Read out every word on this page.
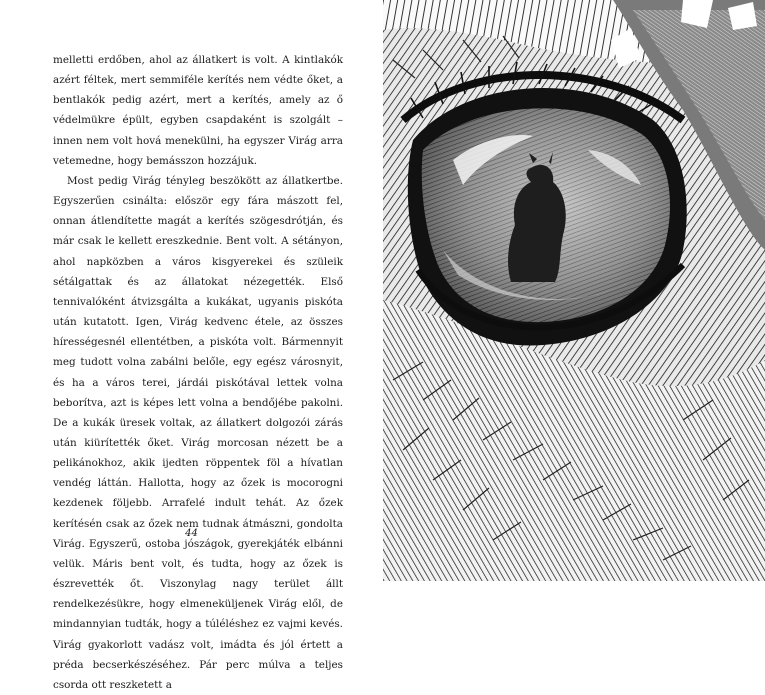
melletti erdőben, ahol az állatkert is volt. A kintlakók azért féltek, mert semmiféle kerítés nem védte őket, a bentlakók pedig azért, mert a kerítés, amely az ő védelmükre épült, egyben csapdaként is szolgált – innen nem volt hová menekülni, ha egyszer Virág arra vetemedne, hogy bemásszon hozzájuk.

Most pedig Virág tényleg beszökött az állatkertbe. Egyszerűen csinálta: először egy fára mászott fel, onnan átlendítette magát a kerítés szögesdrótján, és már csak le kellett ereszkednie. Bent volt. A sétányon, ahol napközben a város kisgyerekei és szüleik sétálgattak és az állatokat nézegették. Első tennivalóként átvizsgálta a kukákat, ugyanis piskóta után kutatott. Igen, Virág kedvenc étele, az összes hírességesnél ellentétben, a piskóta volt. Bármennyit meg tudott volna zabálni belőle, egy egész városnyit, és ha a város terei, járdái piskótával lettek volna beborítva, azt is képes lett volna a bendőjébe pakolni. De a kukák üresek voltak, az állatkert dolgozói zárás után kiürítették őket. Virág morcosan nézett be a pelikánokhoz, akik ijedten röppentek föl a hívatlan vendég láttán. Hallotta, hogy az őzek is mocorogni kezdenek följebb. Arrafelé indult tehát. Az őzek kerítésén csak az őzek nem tudnak átmászni, gondolta Virág. Egyszerű, ostoba jószágok, gyerekjáték elbánni velük. Máris bent volt, és tudta, hogy az őzek is észrevették őt. Viszonylag nagy terület állt rendelkezésükre, hogy elmeneküljenek Virág elől, de mindannyian tudták, hogy a túléléshez ez vajmi kevés. Virág gyakorlott vadász volt, imádta és jól értett a préda becserkészéséhez. Pár perc múlva a teljes csorda ott reszketett a

44
